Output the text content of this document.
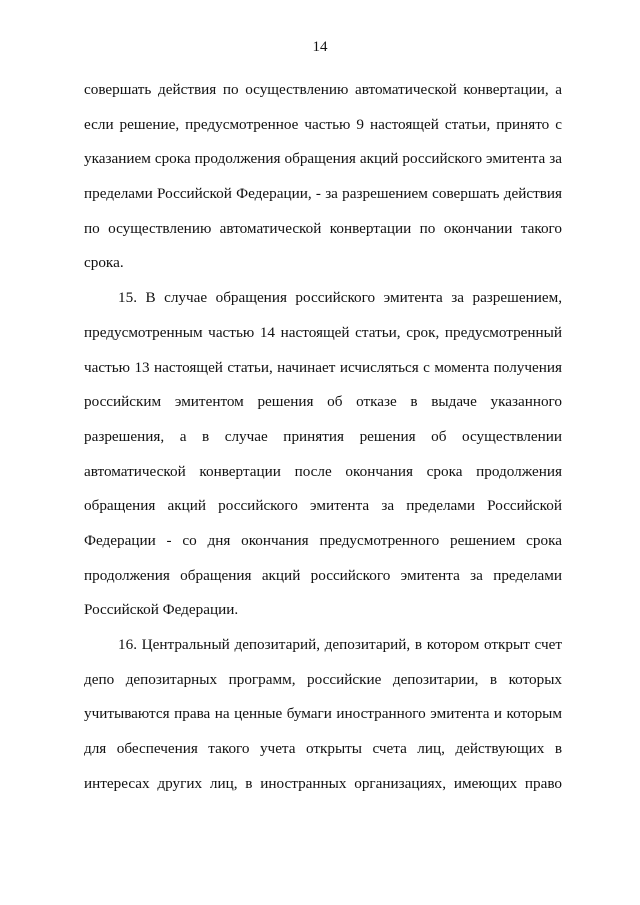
14
совершать действия по осуществлению автоматической конвертации, а
если решение, предусмотренное частью 9 настоящей статьи, принято с
указанием срока продолжения обращения акций российского эмитента за
пределами Российской Федерации, - за разрешением совершать действия
по осуществлению автоматической конвертации по окончании такого
срока.
15. В случае обращения российского эмитента за разрешением,
предусмотренным частью 14 настоящей статьи, срок, предусмотренный
частью 13 настоящей статьи, начинает исчисляться с момента получения
российским эмитентом решения об отказе в выдаче указанного
разрешения, а в случае принятия решения об осуществлении
автоматической конвертации после окончания срока продолжения
обращения акций российского эмитента за пределами Российской
Федерации - со дня окончания предусмотренного решением срока
продолжения обращения акций российского эмитента за пределами
Российской Федерации.
16. Центральный депозитарий, депозитарий, в котором открыт счет
депо депозитарных программ, российские депозитарии, в которых
учитываются права на ценные бумаги иностранного эмитента и которым
для обеспечения такого учета открыты счета лиц, действующих в
интересах других лиц, в иностранных организациях, имеющих право
